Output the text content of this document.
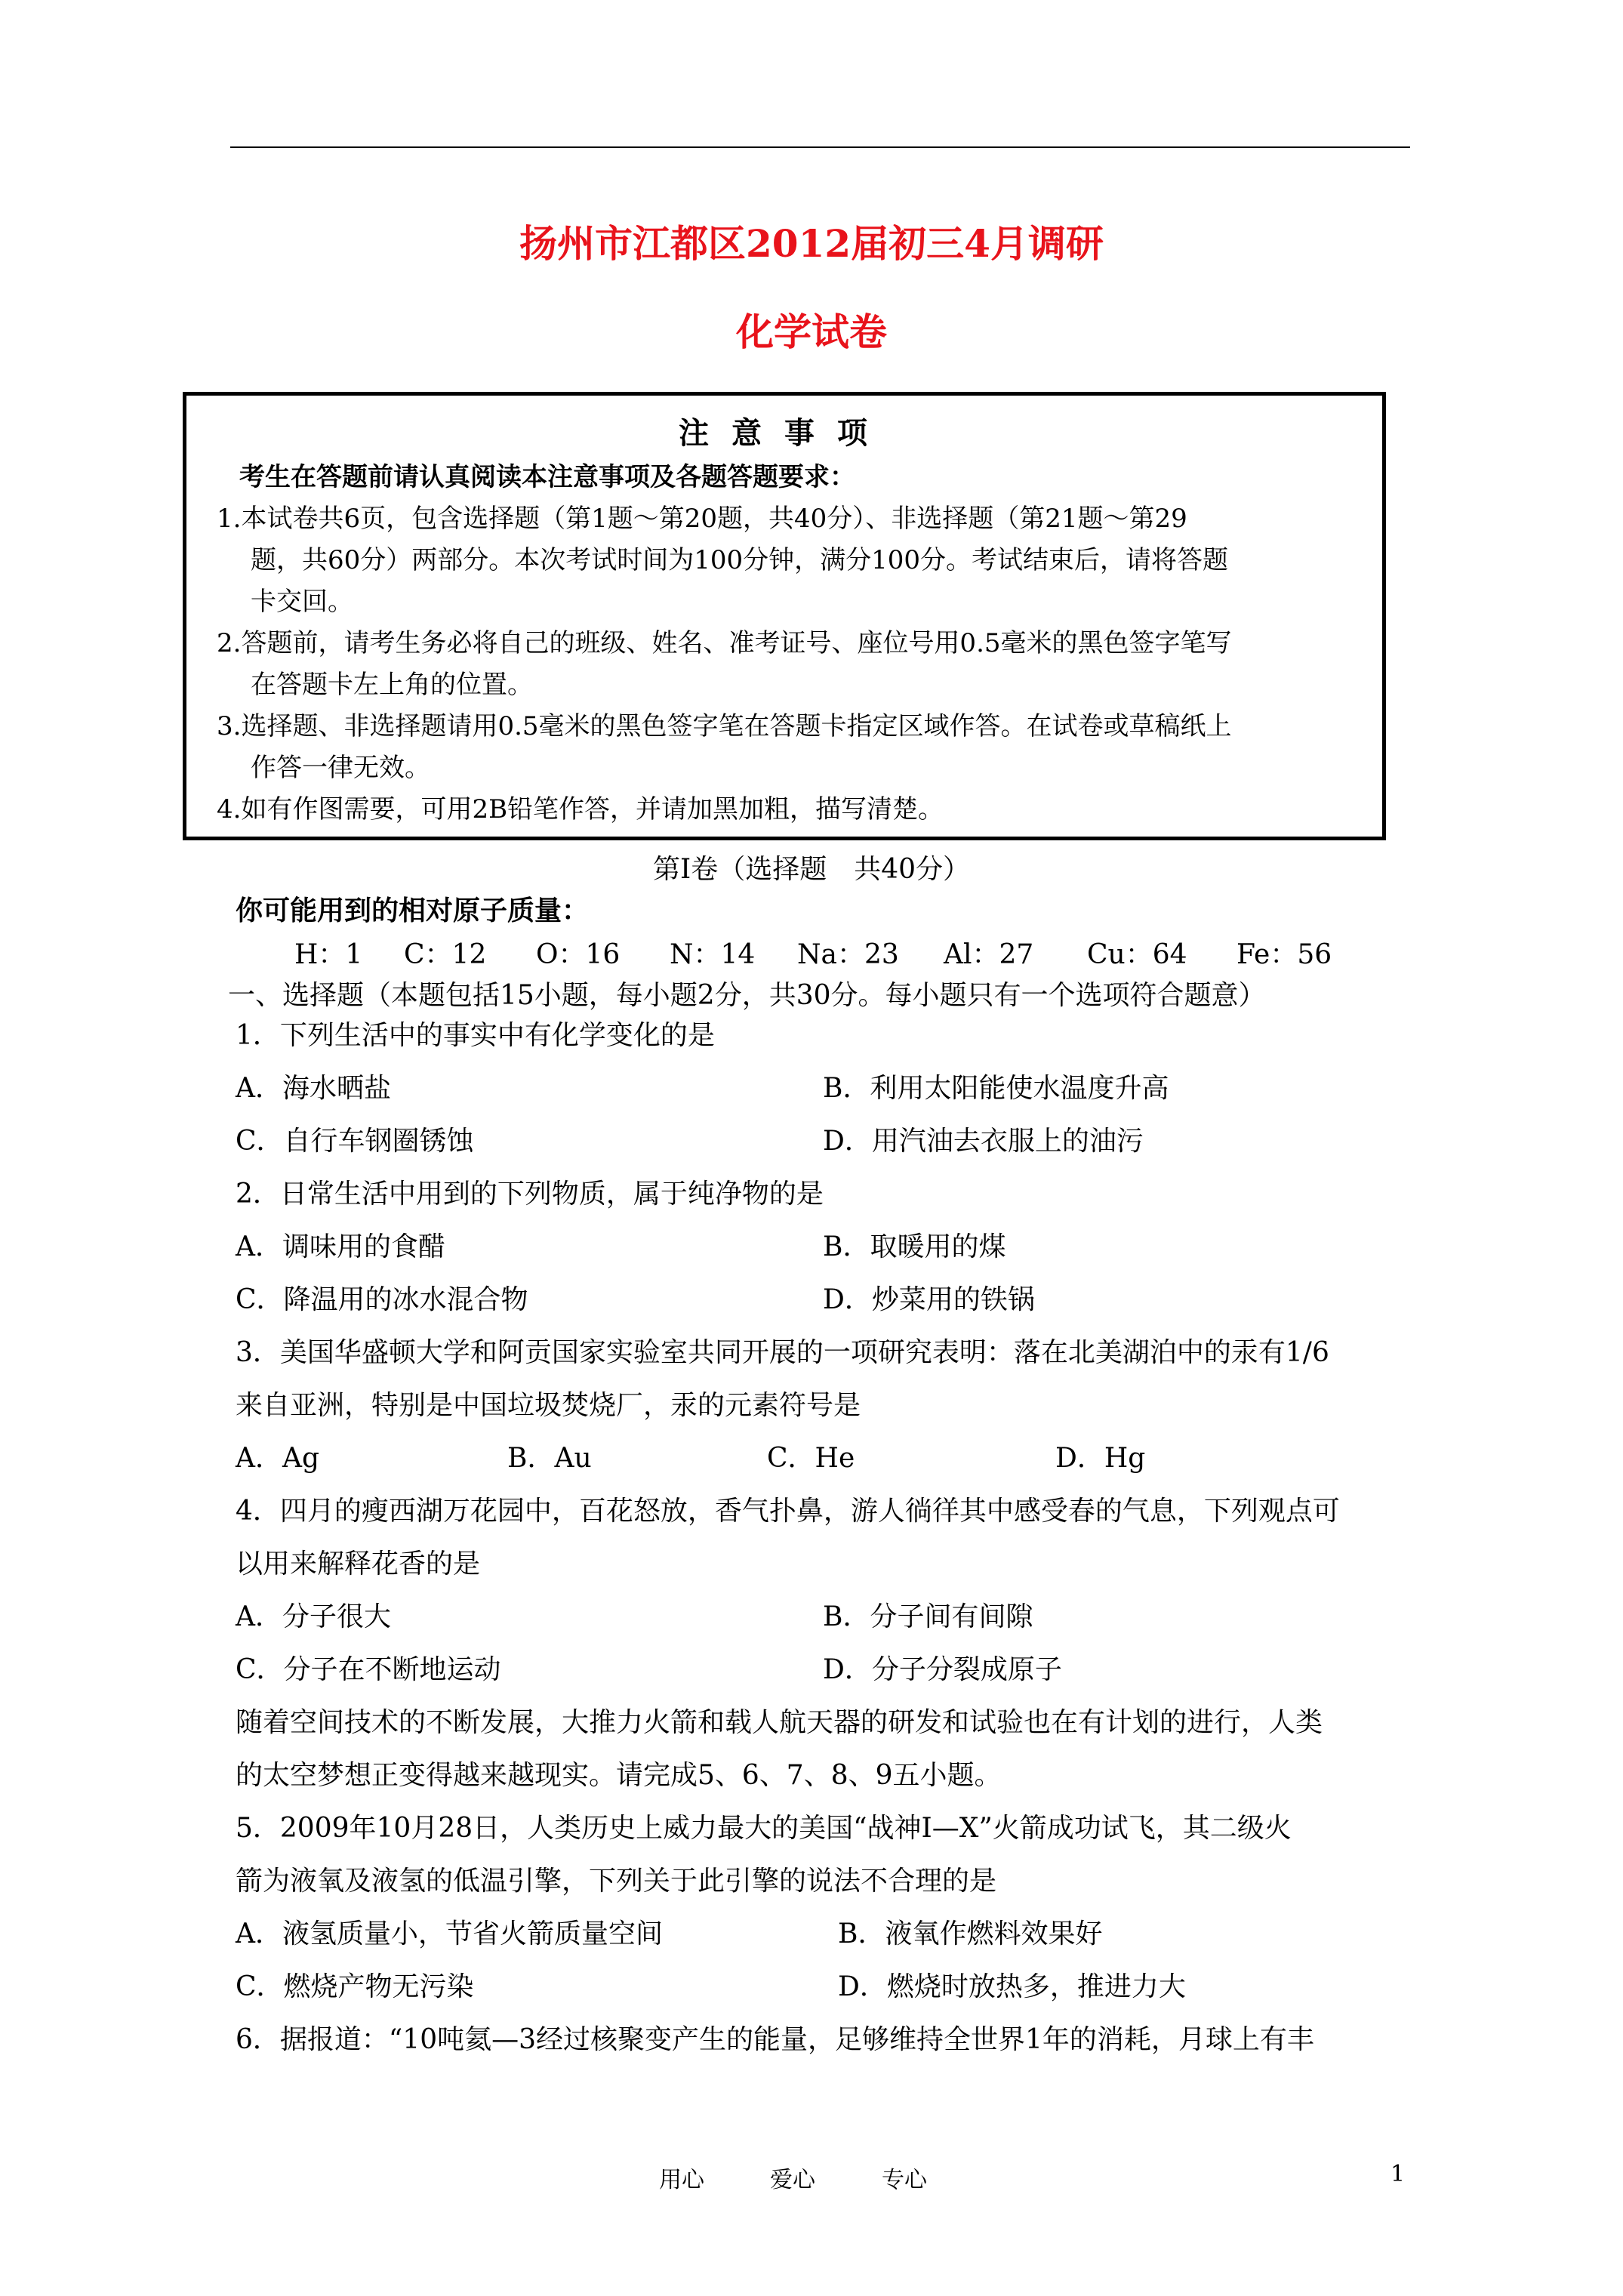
扬州市江都区2012届初三4月调研
化学试卷
注意事项
考生在答题前请认真阅读本注意事项及各题答题要求：
1.本试卷共6页，包含选择题（第1题～第20题，共40分）、非选择题（第21题～第29
题，共60分）两部分。本次考试时间为100分钟，满分100分。考试结束后，请将答题
卡交回。
2.答题前，请考生务必将自己的班级、姓名、准考证号、座位号用0.5毫米的黑色签字笔写
在答题卡左上角的位置。
3.选择题、非选择题请用0.5毫米的黑色签字笔在答题卡指定区域作答。在试卷或草稿纸上
作答一律无效。
4.如有作图需要，可用2B铅笔作答，并请加黑加粗，描写清楚。
第Ⅰ卷（选择题　共40分）
你可能用到的相对原子质量：
H：1 C：12 O：16 N：14 Na：23 Al：27 Cu：64 Fe：56
一、选择题（本题包括15小题，每小题2分，共30分。每小题只有一个选项符合题意）
1．下列生活中的事实中有化学变化的是
A．海水晒盐	B．利用太阳能使水温度升高
C．自行车钢圈锈蚀	D．用汽油去衣服上的油污
2．日常生活中用到的下列物质，属于纯净物的是
A．调味用的食醋	B．取暖用的煤
C．降温用的冰水混合物	D．炒菜用的铁锅
3．美国华盛顿大学和阿贡国家实验室共同开展的一项研究表明：落在北美湖泊中的汞有1/6
来自亚洲，特别是中国垃圾焚烧厂，汞的元素符号是
A．Ag	B．Au	C．He	D．Hg
4．四月的瘦西湖万花园中，百花怒放，香气扑鼻，游人徜徉其中感受春的气息，下列观点可
以用来解释花香的是
A．分子很大	B．分子间有间隙
C．分子在不断地运动	D．分子分裂成原子
随着空间技术的不断发展，大推力火箭和载人航天器的研发和试验也在有计划的进行，人类
的太空梦想正变得越来越现实。请完成5、6、7、8、9五小题。
5．2009年10月28日，人类历史上威力最大的美国“战神Ⅰ—X”火箭成功试飞，其二级火
箭为液氧及液氢的低温引擎，下列关于此引擎的说法不合理的是
A．液氢质量小，节省火箭质量空间	B．液氧作燃料效果好
C．燃烧产物无污染	D．燃烧时放热多，推进力大
6．据报道：“10吨氦—3经过核聚变产生的能量，足够维持全世界1年的消耗，月球上有丰
用心	爱心	专心	1
